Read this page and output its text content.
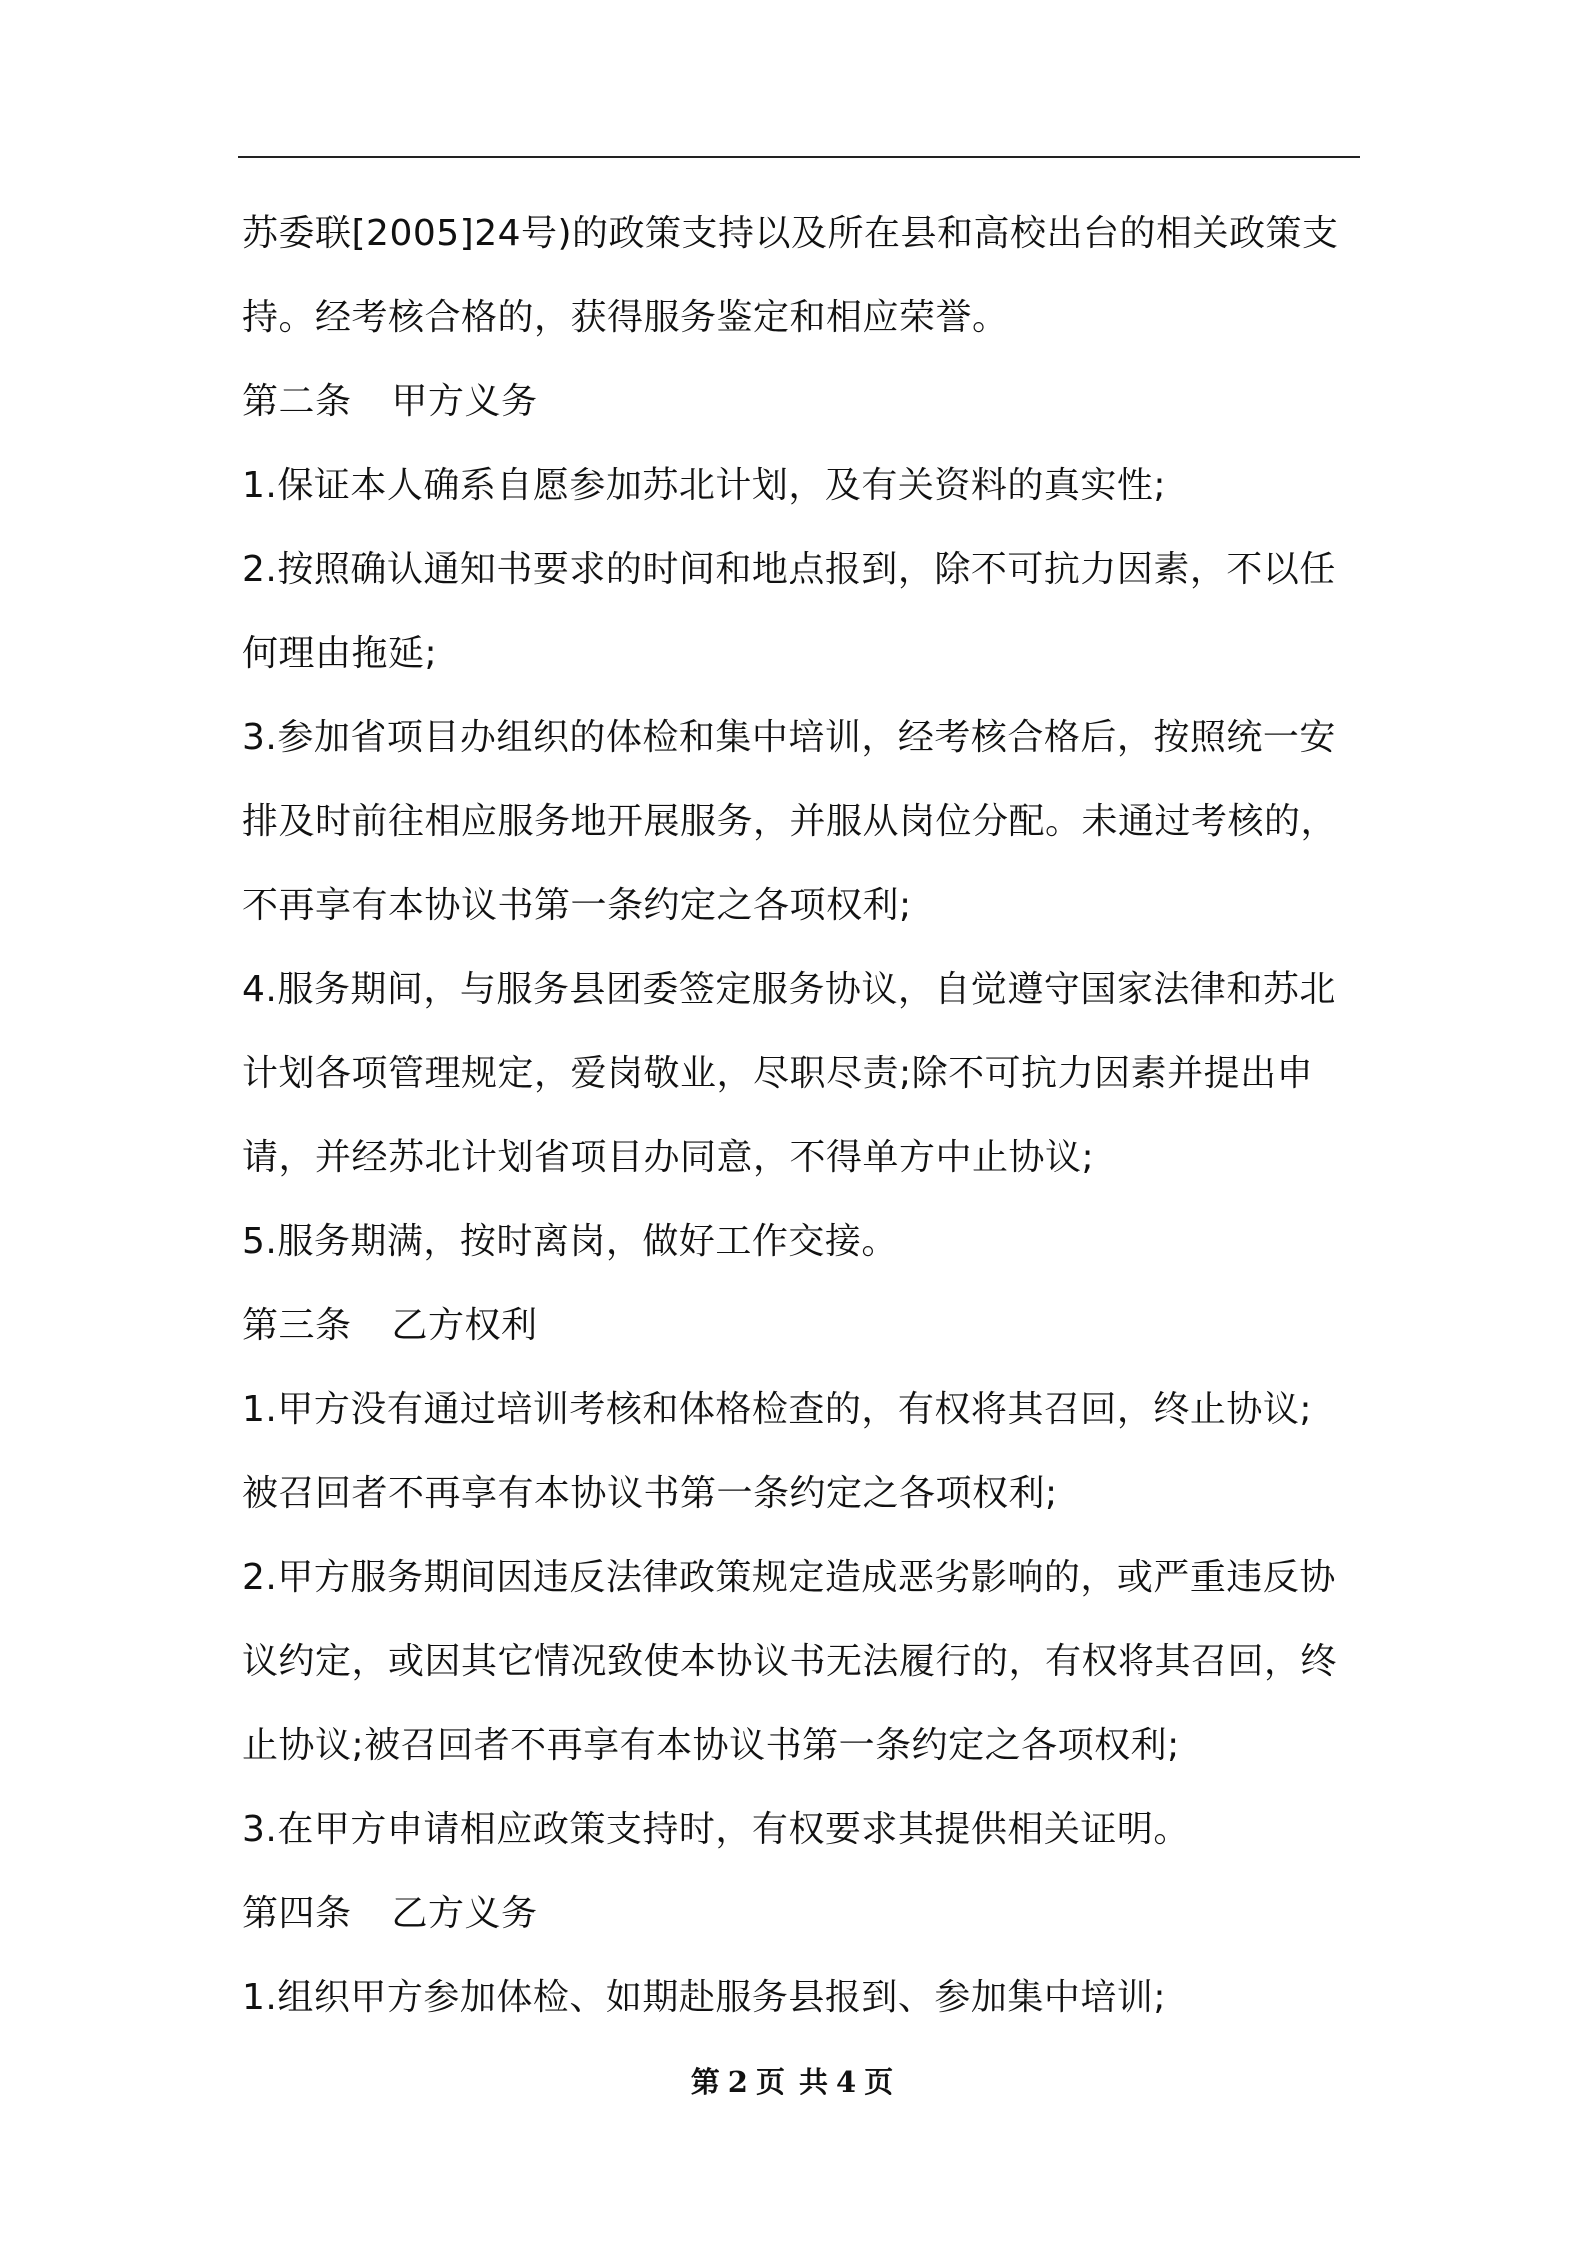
苏委联[2005]24号)的政策支持以及所在县和高校出台的相关政策支
持。经考核合格的，获得服务鉴定和相应荣誉。
第二条 甲方义务
1.保证本人确系自愿参加苏北计划，及有关资料的真实性;
2.按照确认通知书要求的时间和地点报到，除不可抗力因素，不以任
何理由拖延;
3.参加省项目办组织的体检和集中培训，经考核合格后，按照统一安
排及时前往相应服务地开展服务，并服从岗位分配。未通过考核的，
不再享有本协议书第一条约定之各项权利;
4.服务期间，与服务县团委签定服务协议，自觉遵守国家法律和苏北
计划各项管理规定，爱岗敬业，尽职尽责;除不可抗力因素并提出申
请，并经苏北计划省项目办同意，不得单方中止协议;
5.服务期满，按时离岗，做好工作交接。
第三条 乙方权利
1.甲方没有通过培训考核和体格检查的，有权将其召回，终止协议;
被召回者不再享有本协议书第一条约定之各项权利;
2.甲方服务期间因违反法律政策规定造成恶劣影响的，或严重违反协
议约定，或因其它情况致使本协议书无法履行的，有权将其召回，终
止协议;被召回者不再享有本协议书第一条约定之各项权利;
3.在甲方申请相应政策支持时，有权要求其提供相关证明。
第四条 乙方义务
1.组织甲方参加体检、如期赴服务县报到、参加集中培训;
第 2 页 共 4 页
